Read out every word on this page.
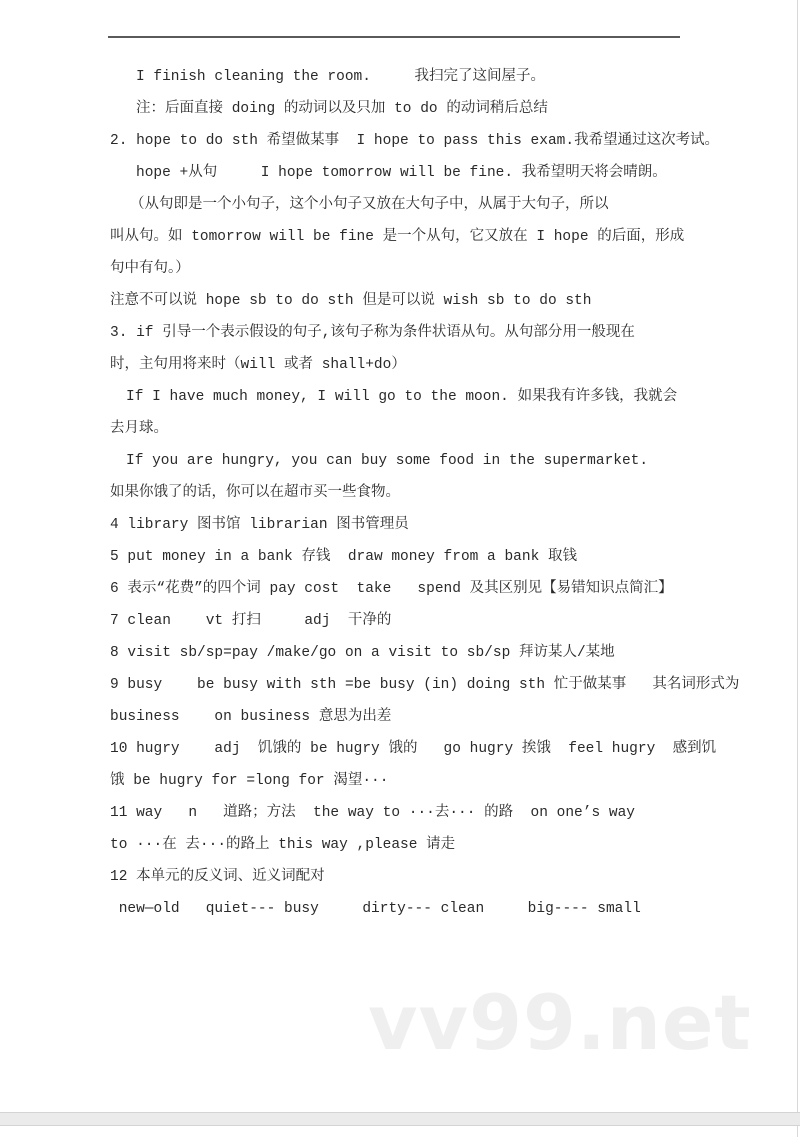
I finish cleaning the room.     我扫完了这间屋子。
注：后面直接 doing 的动词以及只加 to do 的动词稍后总结
2. hope to do sth 希望做某事  I hope to pass this exam.我希望通过这次考试。
hope +从句     I hope tomorrow will be fine. 我希望明天将会晴朗。
（从句即是一个小句子，这个小句子又放在大句子中，从属于大句子，所以
叫从句。如 tomorrow will be fine 是一个从句，它又放在 I hope 的后面，形成
句中有句。）
注意不可以说 hope sb to do sth 但是可以说 wish sb to do sth
3. if 引导一个表示假设的句子,该句子称为条件状语从句。从句部分用一般现在
时，主句用将来时（will 或者 shall+do）
If I have much money, I will go to the moon. 如果我有许多钱，我就会
去月球。
If you are hungry, you can buy some food in the supermarket.
如果你饿了的话，你可以在超市买一些食物。
4 library 图书馆 librarian 图书管理员
5 put money in a bank 存钱  draw money from a bank 取钱
6 表示“花费”的四个词 pay cost  take   spend 及其区别见【易错知识点简汇】
7 clean    vt 打扫     adj  干净的
8 visit sb/sp=pay /make/go on a visit to sb/sp 拜访某人/某地
9 busy    be busy with sth =be busy (in) doing sth 忙于做某事   其名词形式为
business    on business 意思为出差
10 hugry    adj  饥饿的 be hugry 饿的   go hugry 挨饿  feel hugry  感到饥
饿 be hugry for =long for 渴望···
11 way   n   道路；方法  the way to ···去··· 的路  on one’s way
to ···在 去···的路上 this way ,please 请走
12 本单元的反义词、近义词配对
new—old   quiet--- busy     dirty--- clean     big---- small
vv99.net
